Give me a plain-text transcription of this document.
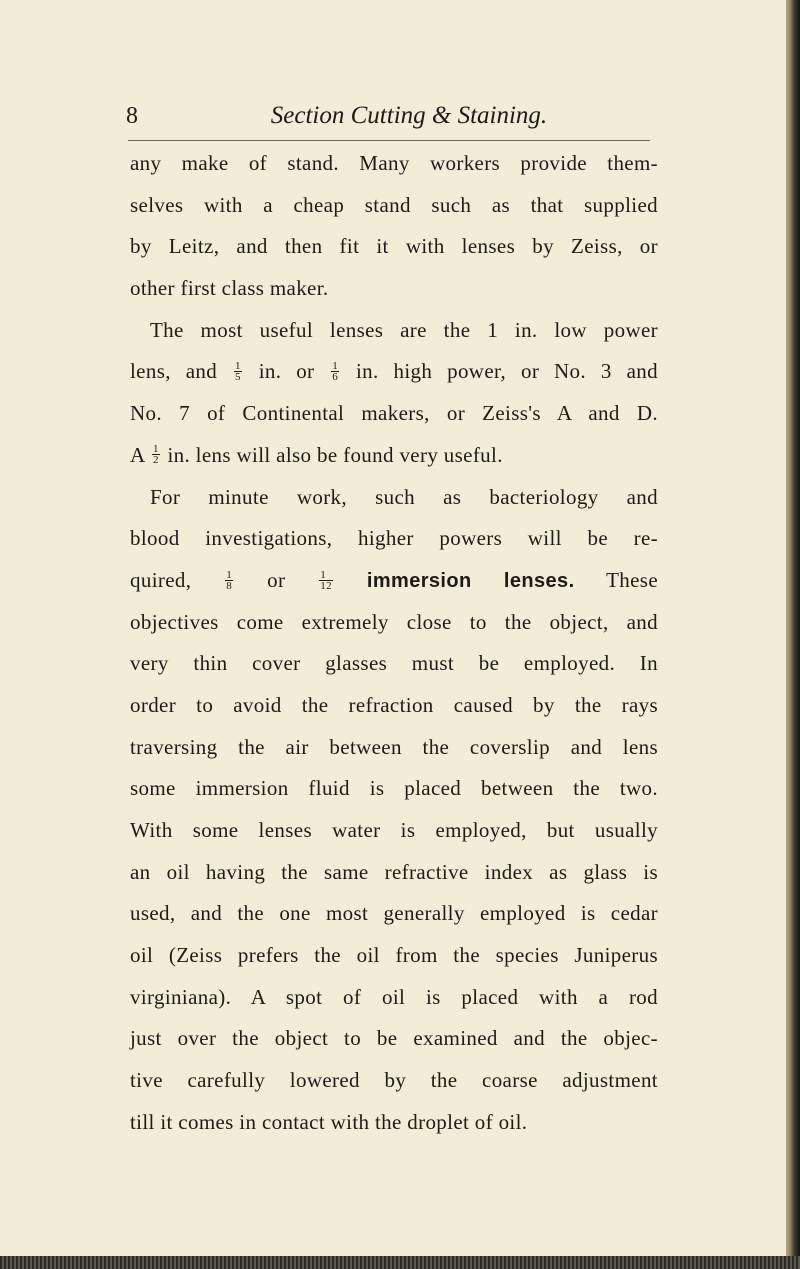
8	Section Cutting & Staining.
any make of stand. Many workers provide them-
selves with a cheap stand such as that supplied
by Leitz, and then fit it with lenses by Zeiss, or
other first class maker.
The most useful lenses are the 1 in. low power
lens, and $\frac{1}{5}$ in. or $\frac{1}{6}$ in. high power, or No. 3 and
No. 7 of Continental makers, or Zeiss's A and D.
A $\frac{1}{2}$ in. lens will also be found very useful.
For minute work, such as bacteriology and
blood investigations, higher powers will be re-
quired,	$\frac{1}{8}$ or	$\frac{1}{12}$ immersion lenses. These
objectives come extremely close to the object, and
very thin cover glasses must be employed. In
order to avoid the refraction caused by the rays
traversing the air between the coverslip and lens
some immersion fluid is placed between the two.
With some lenses water is employed, but usually
an oil having the same refractive index as glass is
used, and the one most generally employed is cedar
oil (Zeiss prefers the oil from the species Juniperus
virginiana). A spot of oil is placed with a rod
just over the object to be examined and the objec-
tive carefully lowered by the coarse adjustment
till it comes in contact with the droplet of oil.
